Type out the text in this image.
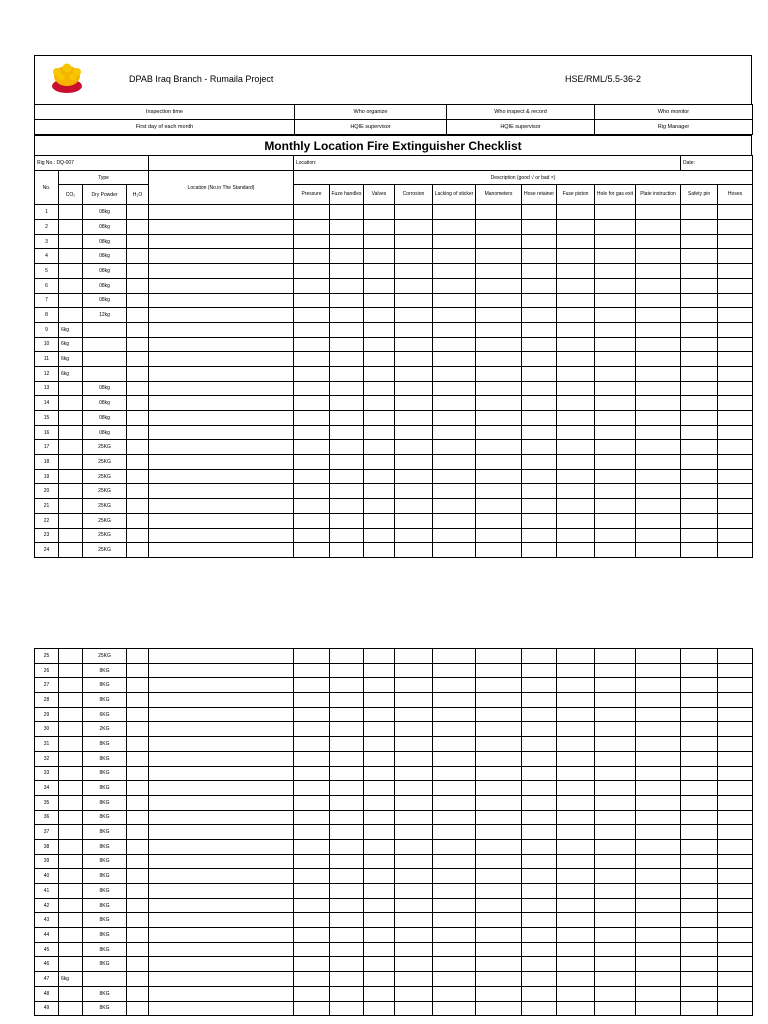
DPAB Iraq Branch - Rumaila Project	HSE/RML/5.5-36-2
Inspection time	Who organize	Who inspect & record	Who monitor
First day of each month	HQIE supervisor	HQIE supervisor	Rig Manager
Monthly Location Fire Extinguisher Checklist
Rig No.: DQ-007					Location:										Date:	
No.	Type			Location (No.in The Standard)	Description (good √ or bad ×)											
	CO₂	Dry Powder	H₂O		Pressure	Fuze handles	Valves	Corrosion	Lacking of sticker	Manometers	Hose retainer	Fuse piston	Hole for gas exit	Plate instruction	Safety pin	Hoses
1		08kg														
2		08kg														
3		08kg														
4		08kg														
5		08kg														
6		08kg														
7		08kg														
8		12kg														
9	6kg															
10	6kg															
11	6kg															
12	6kg															
13		08kg														
14		08kg														
15		08kg														
16		08kg														
17		25KG														
18		25KG														
19		25KG														
20		25KG														
21		25KG														
22		25KG														
23		25KG														
24		25KG														
25		25KG														
26		8KG														
27		8KG														
28		8KG														
29		6KG														
30		2KG														
31		8KG														
32		8KG														
33		8KG														
34		8KG														
35		8KG														
36		8KG														
37		8KG														
38		8KG														
39		8KG														
40		8KG														
41		8KG														
42		8KG														
43		8KG														
44		8KG														
45		8KG														
46		8KG														
47	6kg															
48		8KG														
49		8KG														
